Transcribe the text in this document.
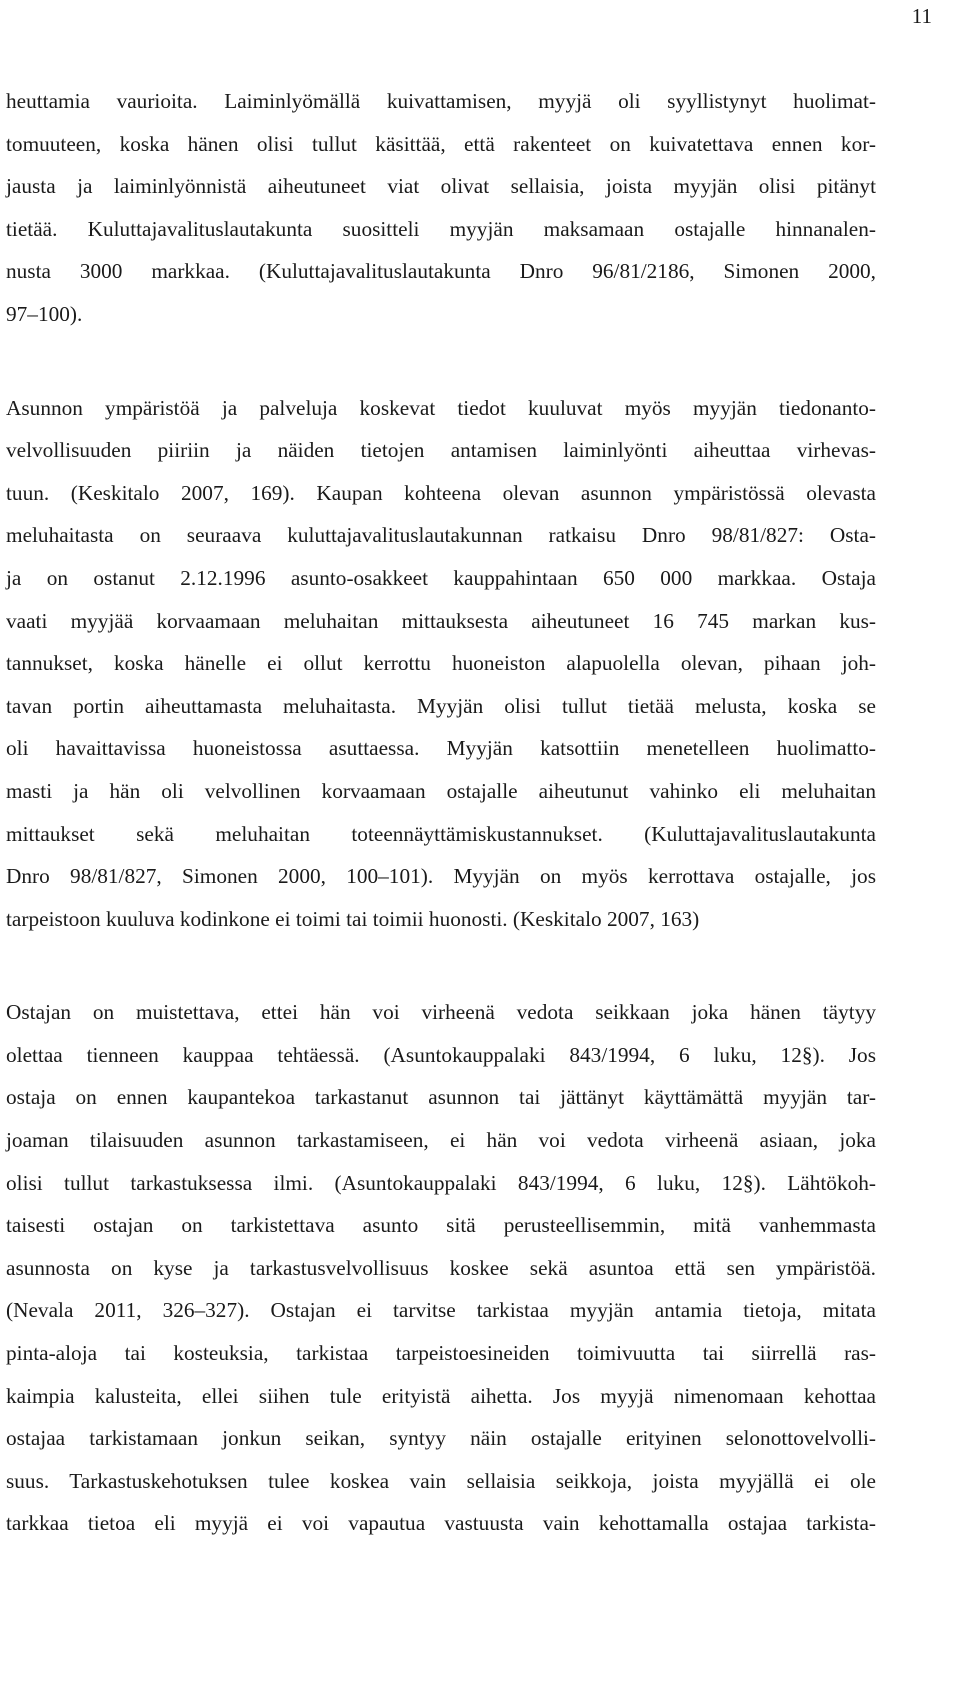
11
heuttamia vaurioita. Laiminlyömällä kuivattamisen, myyjä oli syyllistynyt huolimat-
tomuuteen, koska hänen olisi tullut käsittää, että rakenteet on kuivatettava ennen kor-
jausta ja laiminlyönnistä aiheutuneet viat olivat sellaisia, joista myyjän olisi pitänyt
tietää. Kuluttajavalituslautakunta suositteli myyjän maksamaan ostajalle hinnanalen-
nusta 3000 markkaa. (Kuluttajavalituslautakunta Dnro 96/81/2186, Simonen 2000,
97–100).
Asunnon ympäristöä ja palveluja koskevat tiedot kuuluvat myös myyjän tiedonanto-
velvollisuuden piiriin ja näiden tietojen antamisen laiminlyönti aiheuttaa virhevas-
tuun. (Keskitalo 2007, 169). Kaupan kohteena olevan asunnon ympäristössä olevasta
meluhaitasta on seuraava kuluttajavalituslautakunnan ratkaisu Dnro 98/81/827: Osta-
ja on ostanut 2.12.1996 asunto-osakkeet kauppahintaan 650 000 markkaa. Ostaja
vaati myyjää korvaamaan meluhaitan mittauksesta aiheutuneet 16 745 markan kus-
tannukset, koska hänelle ei ollut kerrottu huoneiston alapuolella olevan, pihaan joh-
tavan portin aiheuttamasta meluhaitasta. Myyjän olisi tullut tietää melusta, koska se
oli havaittavissa huoneistossa asuttaessa. Myyjän katsottiin menetelleen huolimatto-
masti ja hän oli velvollinen korvaamaan ostajalle aiheutunut vahinko eli meluhaitan
mittaukset sekä meluhaitan toteennäyttämiskustannukset. (Kuluttajavalituslautakunta
Dnro 98/81/827, Simonen 2000, 100–101). Myyjän on myös kerrottava ostajalle, jos
tarpeistoon kuuluva kodinkone ei toimi tai toimii huonosti. (Keskitalo 2007, 163)
Ostajan on muistettava, ettei hän voi virheenä vedota seikkaan joka hänen täytyy
olettaa tienneen kauppaa tehtäessä. (Asuntokauppalaki 843/1994, 6 luku, 12§). Jos
ostaja on ennen kaupantekoa tarkastanut asunnon tai jättänyt käyttämättä myyjän tar-
joaman tilaisuuden asunnon tarkastamiseen, ei hän voi vedota virheenä asiaan, joka
olisi tullut tarkastuksessa ilmi. (Asuntokauppalaki 843/1994, 6 luku, 12§). Lähtökoh-
taisesti ostajan on tarkistettava asunto sitä perusteellisemmin, mitä vanhemmasta
asunnosta on kyse ja tarkastusvelvollisuus koskee sekä asuntoa että sen ympäristöä.
(Nevala 2011, 326–327). Ostajan ei tarvitse tarkistaa myyjän antamia tietoja, mitata
pinta-aloja tai kosteuksia, tarkistaa tarpeistoesineiden toimivuutta tai siirrellä ras-
kaimpia kalusteita, ellei siihen tule erityistä aihetta. Jos myyjä nimenomaan kehottaa
ostajaa tarkistamaan jonkun seikan, syntyy näin ostajalle erityinen selonottovelvolli-
suus. Tarkastuskehotuksen tulee koskea vain sellaisia seikkoja, joista myyjällä ei ole
tarkkaa tietoa eli myyjä ei voi vapautua vastuusta vain kehottamalla ostajaa tarkista-
